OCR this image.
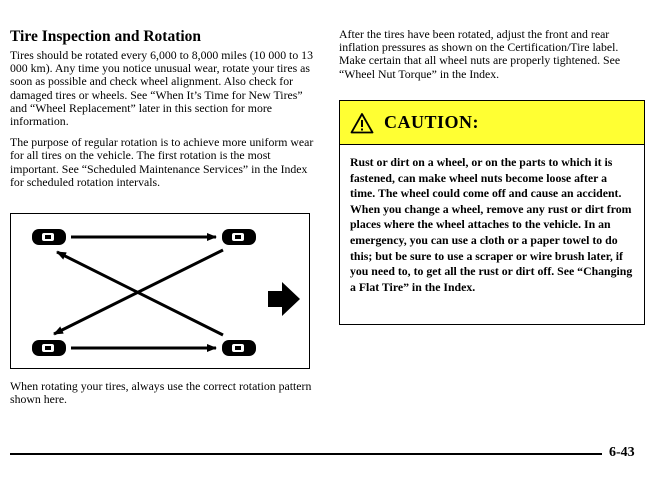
Tire Inspection and Rotation

Tires should be rotated every 6,000 to 8,000 miles (10 000 to 13 000 km). Any time you notice unusual wear, rotate your tires as soon as possible and check wheel alignment. Also check for damaged tires or wheels. See “When It’s Time for New Tires” and “Wheel Replacement” later in this section for more information.

The purpose of regular rotation is to achieve more uniform wear for all tires on the vehicle. The first rotation is the most important. See “Scheduled Maintenance Services” in the Index for scheduled rotation intervals.

When rotating your tires, always use the correct rotation pattern shown here.

After the tires have been rotated, adjust the front and rear inflation pressures as shown on the Certification/Tire label. Make certain that all wheel nuts are properly tightened. See “Wheel Nut Torque” in the Index.

CAUTION:

Rust or dirt on a wheel, or on the parts to which it is fastened, can make wheel nuts become loose after a time. The wheel could come off and cause an accident. When you change a wheel, remove any rust or dirt from places where the wheel attaches to the vehicle. In an emergency, you can use a cloth or a paper towel to do this; but be sure to use a scraper or wire brush later, if you need to, to get all the rust or dirt off. See “Changing a Flat Tire” in the Index.

6-43
